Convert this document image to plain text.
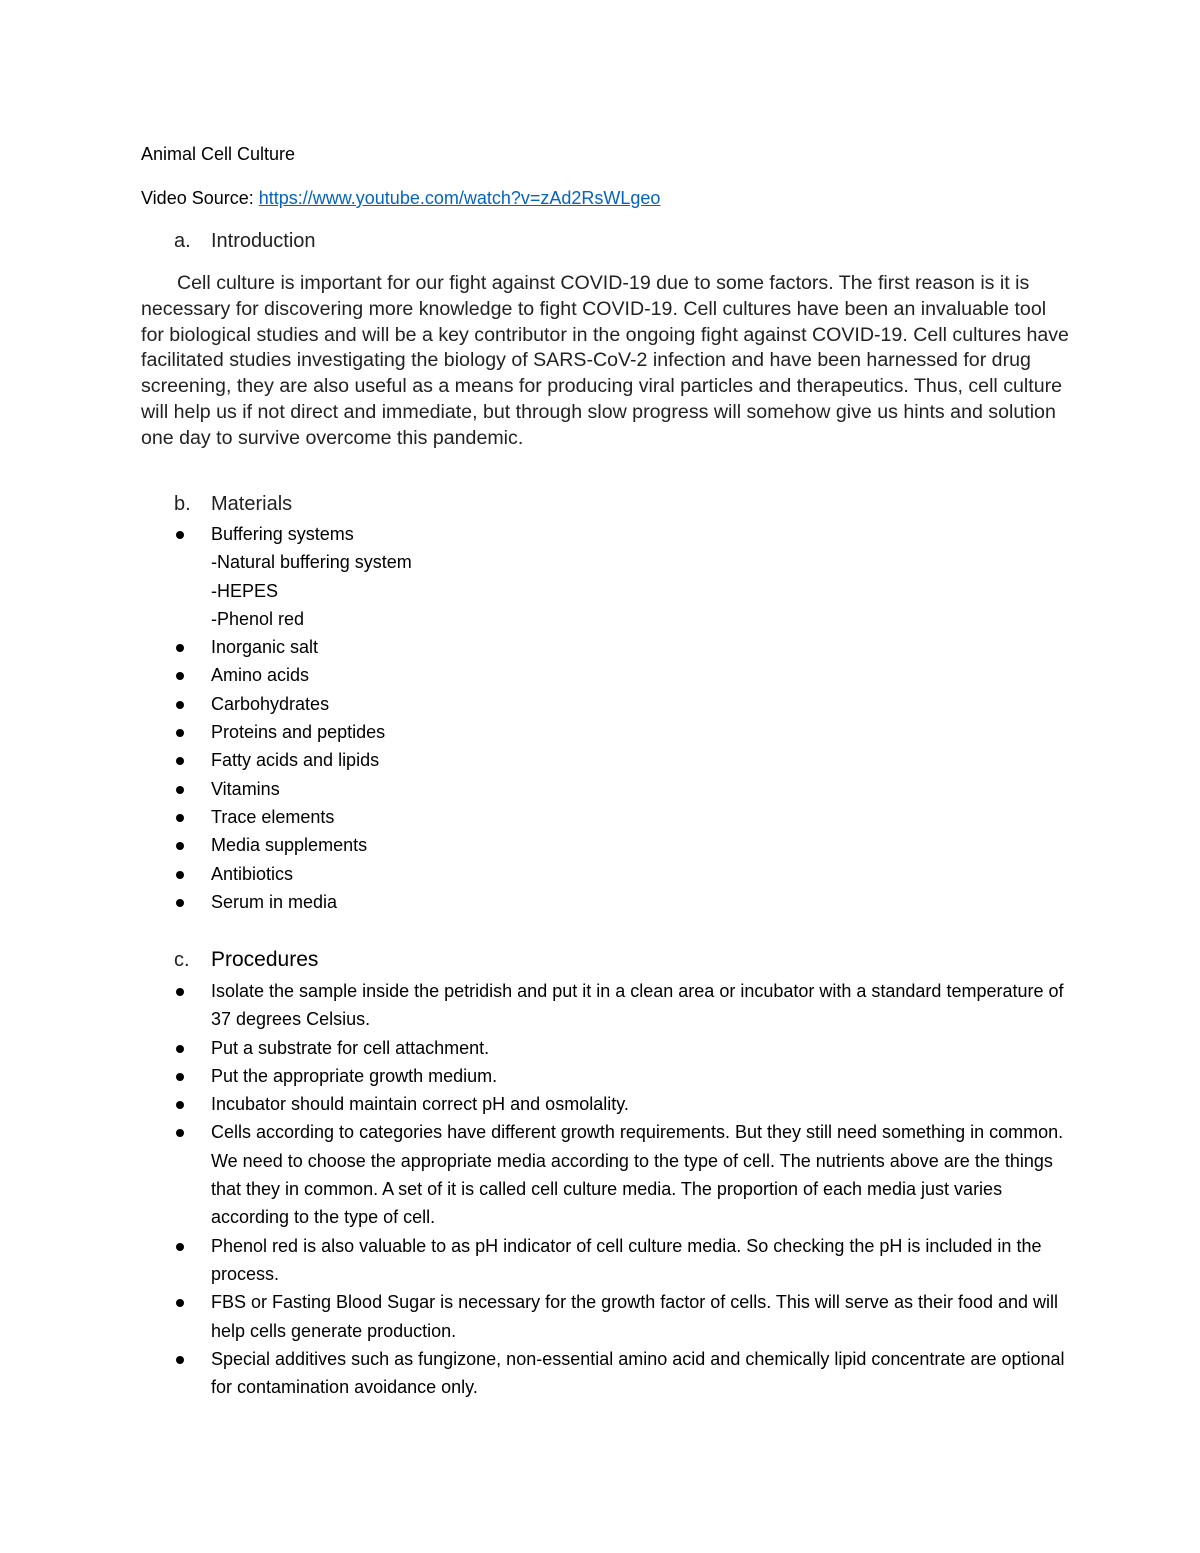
Animal Cell Culture
Video Source: https://www.youtube.com/watch?v=zAd2RsWLgeo
a. Introduction

Cell culture is important for our fight against COVID-19 due to some factors. The first reason is it is necessary for discovering more knowledge to fight COVID-19. Cell cultures have been an invaluable tool for biological studies and will be a key contributor in the ongoing fight against COVID-19. Cell cultures have facilitated studies investigating the biology of SARS-CoV-2 infection and have been harnessed for drug screening, they are also useful as a means for producing viral particles and therapeutics. Thus, cell culture will help us if not direct and immediate, but through slow progress will somehow give us hints and solution one day to survive overcome this pandemic.

b. Materials
Buffering systems
-Natural buffering system
-HEPES
-Phenol red
Inorganic salt
Amino acids
Carbohydrates
Proteins and peptides
Fatty acids and lipids
Vitamins
Trace elements
Media supplements
Antibiotics
Serum in media
c. Procedures
Isolate the sample inside the petridish and put it in a clean area or incubator with a standard temperature of 37 degrees Celsius.
Put a substrate for cell attachment.
Put the appropriate growth medium.
Incubator should maintain correct pH and osmolality.
Cells according to categories have different growth requirements. But they still need something in common. We need to choose the appropriate media according to the type of cell. The nutrients above are the things that they in common. A set of it is called cell culture media. The proportion of each media just varies according to the type of cell.
Phenol red is also valuable to as pH indicator of cell culture media. So checking the pH is included in the process.
FBS or Fasting Blood Sugar is necessary for the growth factor of cells. This will serve as their food and will help cells generate production.
Special additives such as fungizone, non-essential amino acid and chemically lipid concentrate are optional for contamination avoidance only.
